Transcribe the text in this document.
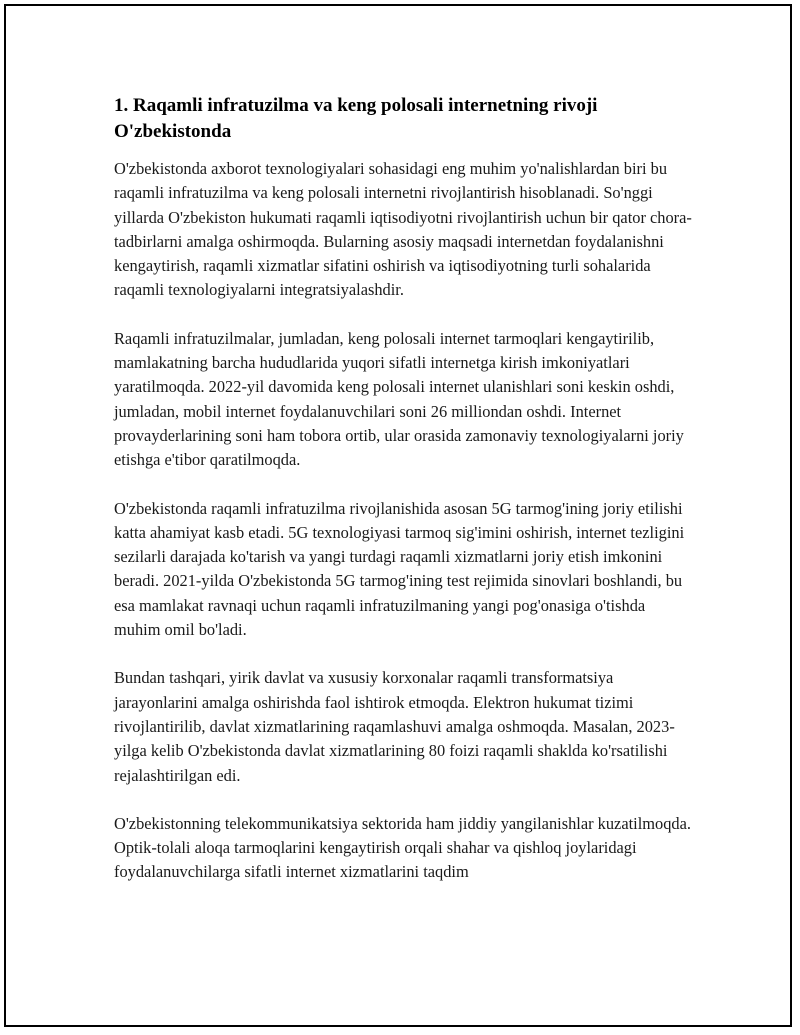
1. Raqamli infratuzilma va keng polosali internetning rivoji O'zbekistonda

O'zbekistonda axborot texnologiyalari sohasidagi eng muhim yo'nalishlardan biri bu raqamli infratuzilma va keng polosali internetni rivojlantirish hisoblanadi. So'nggi yillarda O'zbekiston hukumati raqamli iqtisodiyotni rivojlantirish uchun bir qator chora-tadbirlarni amalga oshirmoqda. Bularning asosiy maqsadi internetdan foydalanishni kengaytirish, raqamli xizmatlar sifatini oshirish va iqtisodiyotning turli sohalarida raqamli texnologiyalarni integratsiyalashdir.

Raqamli infratuzilmalar, jumladan, keng polosali internet tarmoqlari kengaytirilib, mamlakatning barcha hududlarida yuqori sifatli internetga kirish imkoniyatlari yaratilmoqda. 2022-yil davomida keng polosali internet ulanishlari soni keskin oshdi, jumladan, mobil internet foydalanuvchilari soni 26 milliondan oshdi. Internet provayderlarining soni ham tobora ortib, ular orasida zamonaviy texnologiyalarni joriy etishga e'tibor qaratilmoqda.

O'zbekistonda raqamli infratuzilma rivojlanishida asosan 5G tarmog'ining joriy etilishi katta ahamiyat kasb etadi. 5G texnologiyasi tarmoq sig'imini oshirish, internet tezligini sezilarli darajada ko'tarish va yangi turdagi raqamli xizmatlarni joriy etish imkonini beradi. 2021-yilda O'zbekistonda 5G tarmog'ining test rejimida sinovlari boshlandi, bu esa mamlakat ravnaqi uchun raqamli infratuzilmaning yangi pog'onasiga o'tishda muhim omil bo'ladi.

Bundan tashqari, yirik davlat va xususiy korxonalar raqamli transformatsiya jarayonlarini amalga oshirishda faol ishtirok etmoqda. Elektron hukumat tizimi rivojlantirilib, davlat xizmatlarining raqamlashuvi amalga oshmoqda. Masalan, 2023-yilga kelib O'zbekistonda davlat xizmatlarining 80 foizi raqamli shaklda ko'rsatilishi rejalashtirilgan edi.

O'zbekistonning telekommunikatsiya sektorida ham jiddiy yangilanishlar kuzatilmoqda. Optik-tolali aloqa tarmoqlarini kengaytirish orqali shahar va qishloq joylaridagi foydalanuvchilarga sifatli internet xizmatlarini taqdim
